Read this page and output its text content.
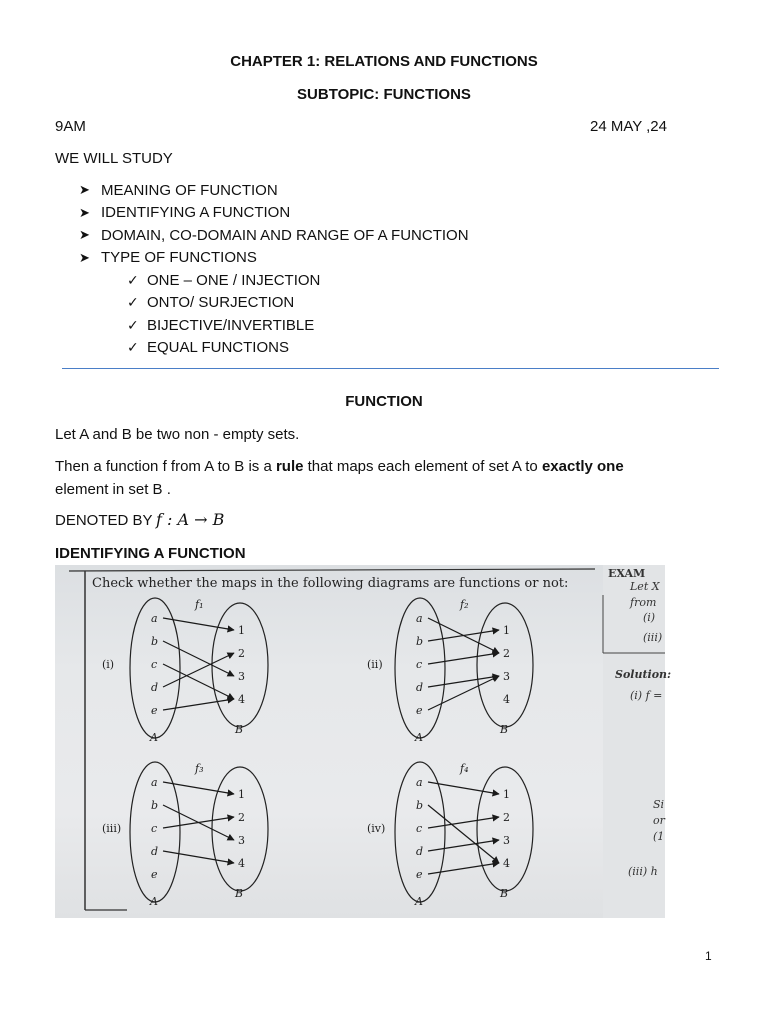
CHAPTER 1: RELATIONS AND FUNCTIONS
SUBTOPIC: FUNCTIONS
9AM	24 MAY ,24
WE WILL STUDY
➤ MEANING OF FUNCTION
➤ IDENTIFYING A FUNCTION
➤ DOMAIN, CO-DOMAIN AND RANGE OF A FUNCTION
➤ TYPE OF FUNCTIONS
✓ ONE – ONE / INJECTION
✓ ONTO/ SURJECTION
✓ BIJECTIVE/INVERTIBLE
✓ EQUAL FUNCTIONS
FUNCTION
Let A and B be two non - empty sets.
Then a function f from A to B is a rule that maps each element of set A to exactly one
element in set B .
DENOTED BY f : A → B
IDENTIFYING A FUNCTION
Check whether the maps in the following diagrams are functions or not:
EXAM
Let X
from
(i)
(iii)
Solution:
(i) f =
Si
or
(1
(iii) h
(i)
f₁
A
B
a
b
c
d
e
1
2
3
4
(ii)
f₂
A
B
a
b
c
d
e
1
2
3
4
(iii)
f₃
A
B
a
b
c
d
e
1
2
3
4
(iv)
f₄
A
B
a
b
c
d
e
1
2
3
4
1
